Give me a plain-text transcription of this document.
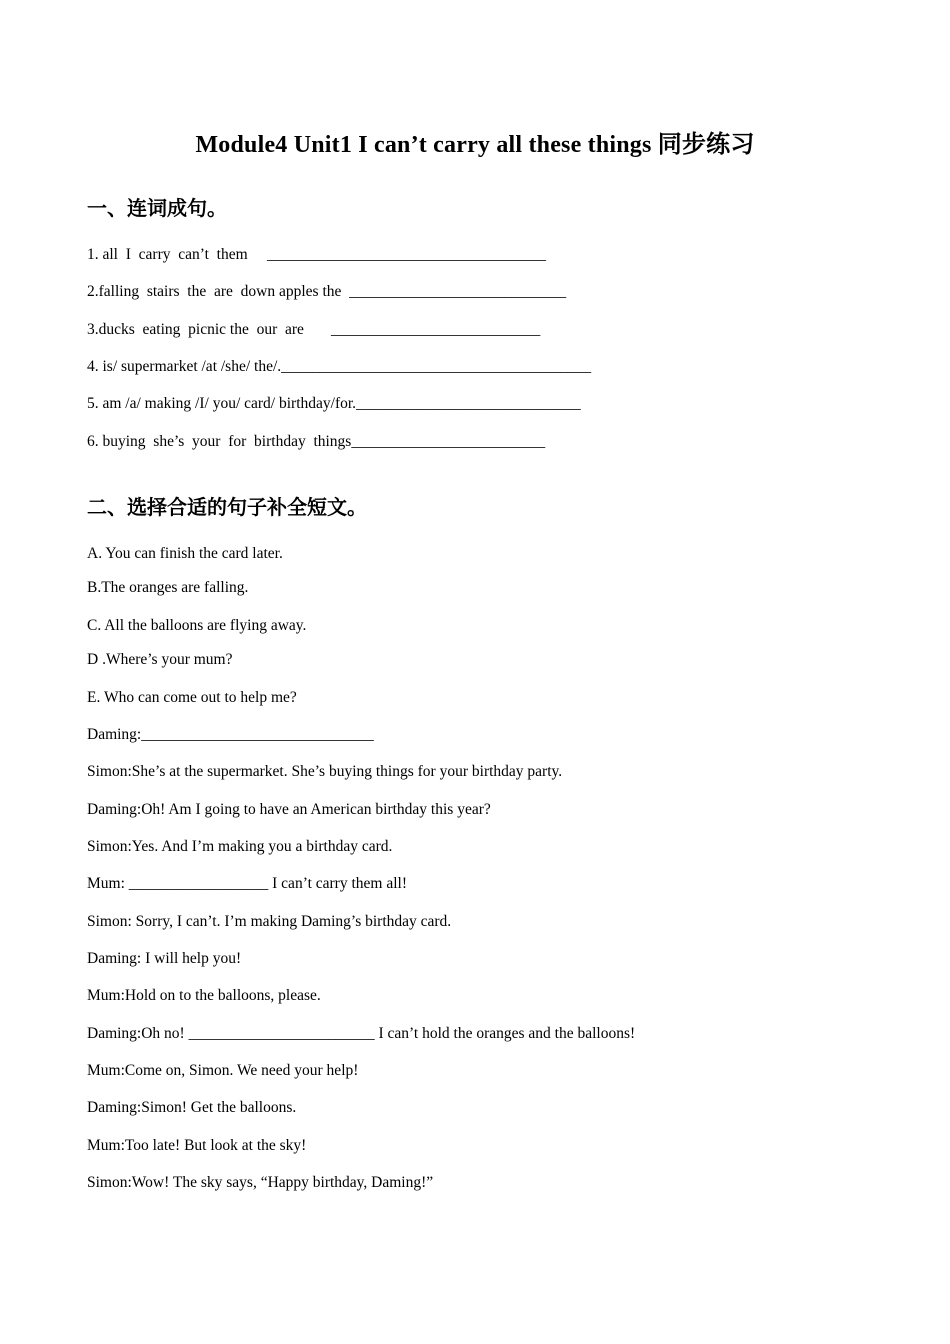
Module4 Unit1 I can’t carry all these things 同步练习
一、连词成句。
1. all  I  carry  can’t  them     ____________________________________
2.falling  stairs  the  are  down apples the  ____________________________
3.ducks  eating  picnic the  our  are       ___________________________
4. is/ supermarket /at /she/ the/.________________________________________
5. am /a/ making /I/ you/ card/ birthday/for._____________________________
6. buying  she’s  your  for  birthday  things_________________________
二、选择合适的句子补全短文。
A. You can finish the card later.
B.The oranges are falling.
C. All the balloons are flying away.
D .Where’s your mum?
E. Who can come out to help me?
Daming:______________________________
Simon:She’s at the supermarket. She’s buying things for your birthday party.
Daming:Oh! Am I going to have an American birthday this year?
Simon:Yes. And I’m making you a birthday card.
Mum: __________________ I can’t carry them all!
Simon: Sorry, I can’t. I’m making Daming’s birthday card.
Daming: I will help you!
Mum:Hold on to the balloons, please.
Daming:Oh no! ________________________ I can’t hold the oranges and the balloons!
Mum:Come on, Simon. We need your help!
Daming:Simon! Get the balloons.
Mum:Too late! But look at the sky!
Simon:Wow! The sky says, “Happy birthday, Daming!”
